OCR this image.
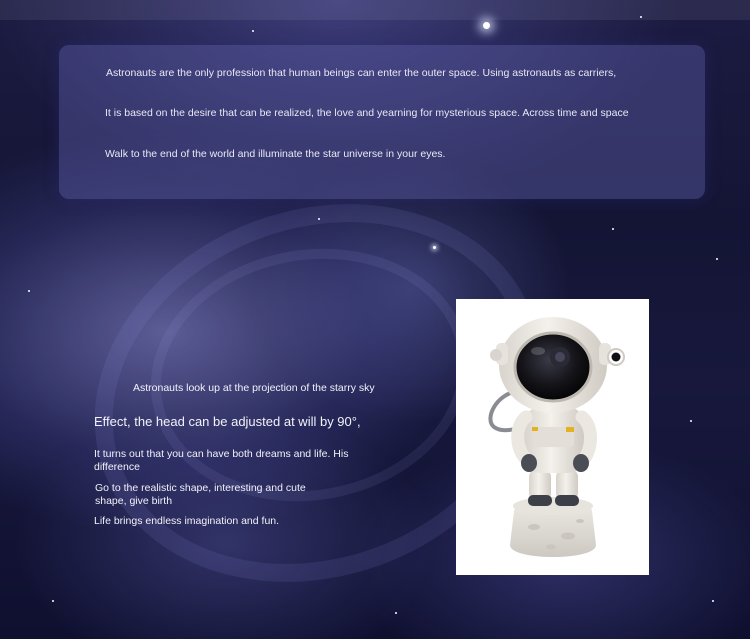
Astronauts are the only profession that human beings can enter the outer space. Using astronauts as carriers,
It is based on the desire that can be realized, the love and yearning for mysterious space. Across time and space
Walk to the end of the world and illuminate the star universe in your eyes.
Astronauts look up at the projection of the starry sky
Effect, the head can be adjusted at will by 90°,
It turns out that you can have both dreams and life. His difference
Go to the realistic shape, interesting and cute shape, give birth
Life brings endless imagination and fun.
